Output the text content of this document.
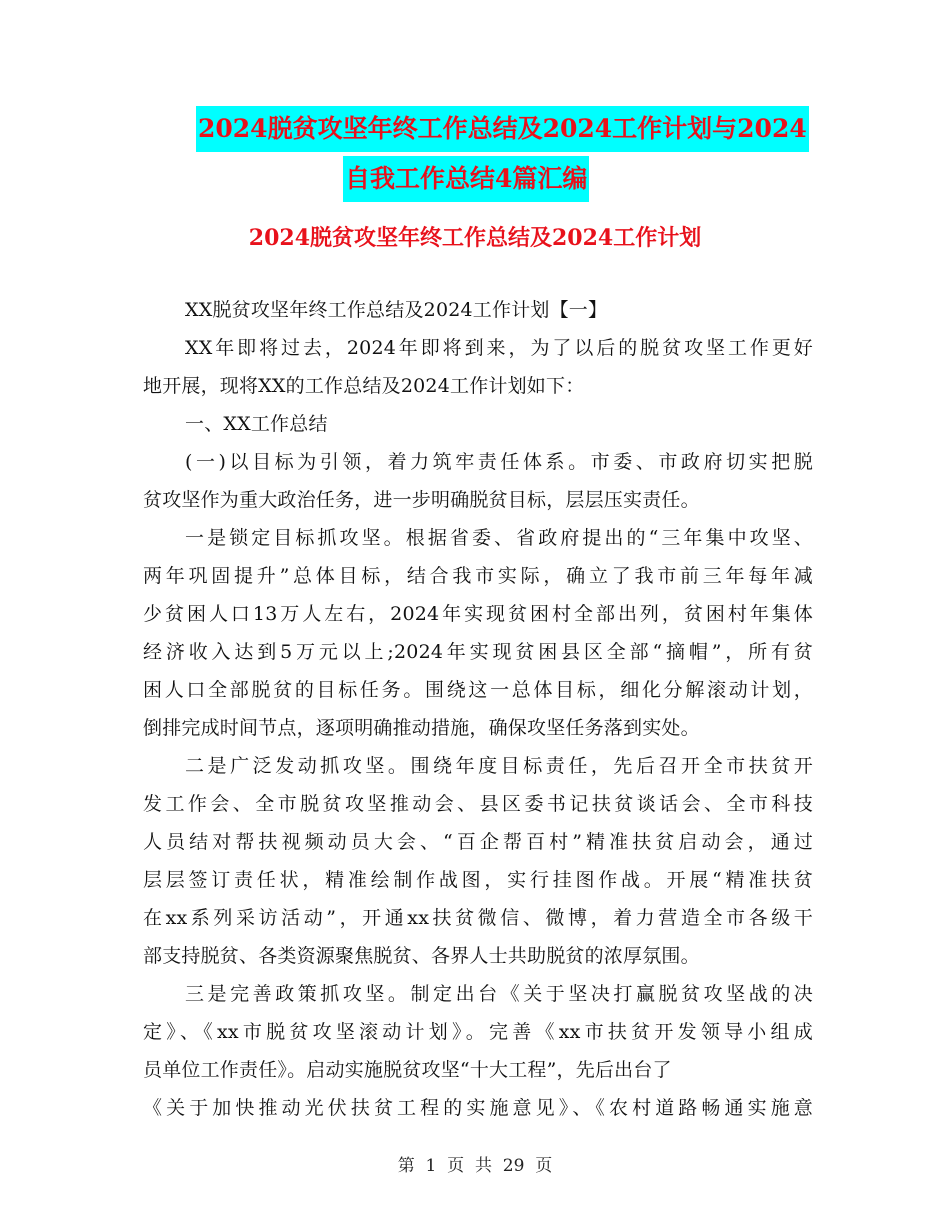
2024脱贫攻坚年终工作总结及2024工作计划与2024
自我工作总结4篇汇编
2024脱贫攻坚年终工作总结及2024工作计划
XX脱贫攻坚年终工作总结及2024工作计划【一】
XX年即将过去，2024年即将到来，为了以后的脱贫攻坚工作更好
地开展，现将XX的工作总结及2024工作计划如下：
一、XX工作总结
(一)以目标为引领，着力筑牢责任体系。市委、市政府切实把脱
贫攻坚作为重大政治任务，进一步明确脱贫目标，层层压实责任。
一是锁定目标抓攻坚。根据省委、省政府提出的“三年集中攻坚、
两年巩固提升”总体目标，结合我市实际，确立了我市前三年每年减
少贫困人口13万人左右，2024年实现贫困村全部出列，贫困村年集体
经济收入达到5万元以上;2024年实现贫困县区全部“摘帽”，所有贫
困人口全部脱贫的目标任务。围绕这一总体目标，细化分解滚动计划，
倒排完成时间节点，逐项明确推动措施，确保攻坚任务落到实处。
二是广泛发动抓攻坚。围绕年度目标责任，先后召开全市扶贫开
发工作会、全市脱贫攻坚推动会、县区委书记扶贫谈话会、全市科技
人员结对帮扶视频动员大会、“百企帮百村”精准扶贫启动会，通过
层层签订责任状，精准绘制作战图，实行挂图作战。开展“精准扶贫
在xx系列采访活动”，开通xx扶贫微信、微博，着力营造全市各级干
部支持脱贫、各类资源聚焦脱贫、各界人士共助脱贫的浓厚氛围。
三是完善政策抓攻坚。制定出台《关于坚决打赢脱贫攻坚战的决
定》、《xx市脱贫攻坚滚动计划》。完善《xx市扶贫开发领导小组成
员单位工作责任》。启动实施脱贫攻坚“十大工程”，先后出台了
《关于加快推动光伏扶贫工程的实施意见》、《农村道路畅通实施意
第  1  页  共  29  页
